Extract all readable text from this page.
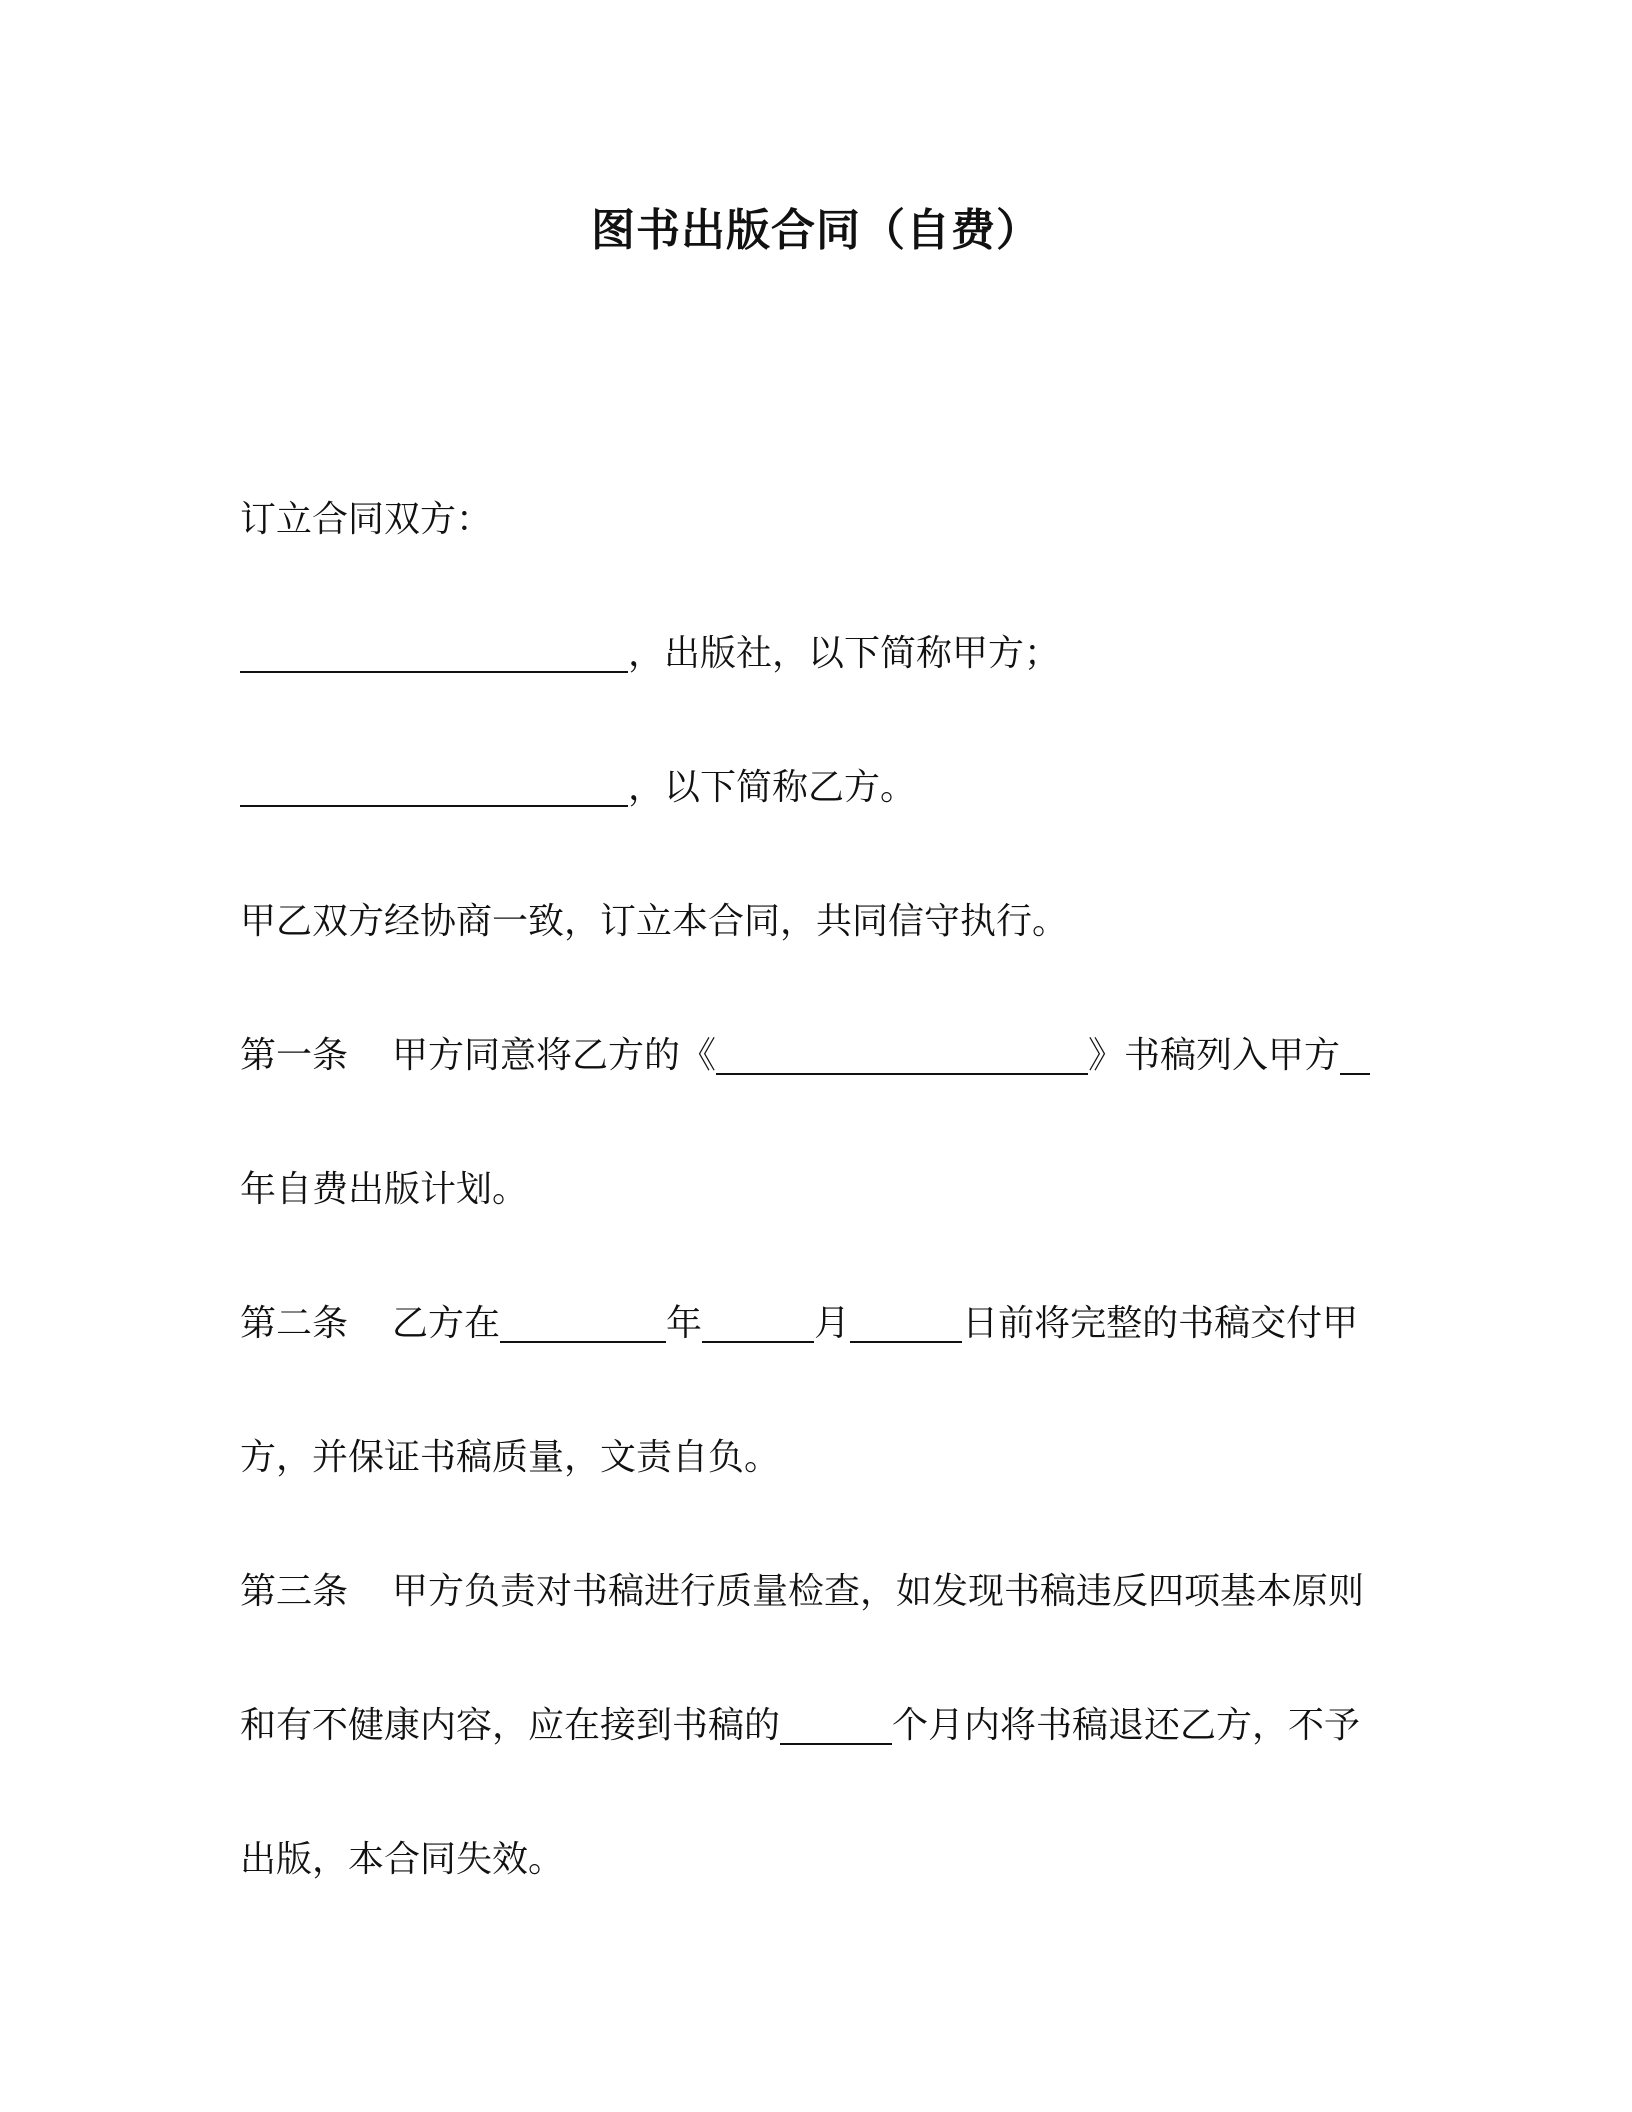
图书出版合同（自费）
订立合同双方：
，出版社，以下简称甲方；
，以下简称乙方。
甲乙双方经协商一致，订立本合同，共同信守执行。
第一条 甲方同意将乙方的《	》书稿列入甲方
年自费出版计划。
第二条 乙方在	年	月	日前将完整的书稿交付甲
方，并保证书稿质量，文责自负。
第三条 甲方负责对书稿进行质量检查，如发现书稿违反四项基本原则
和有不健康内容，应在接到书稿的	个月内将书稿退还乙方，不予
出版，本合同失效。
